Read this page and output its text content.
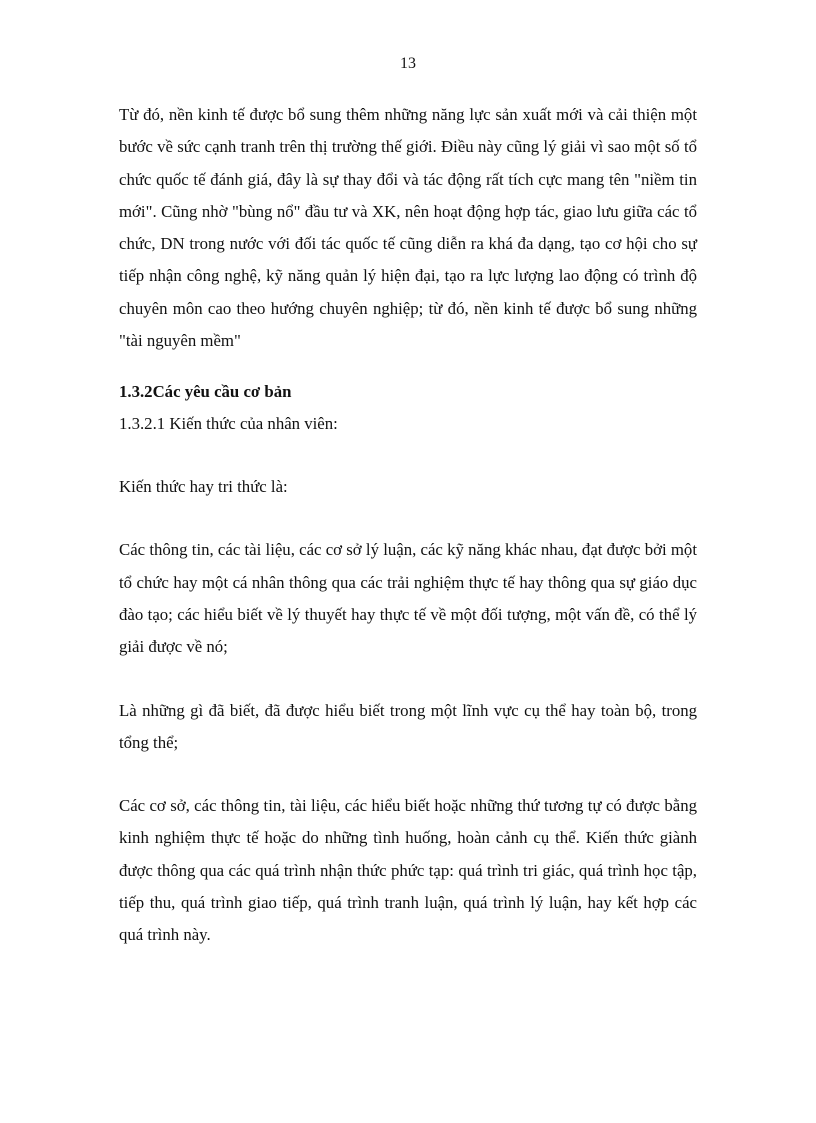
13

Từ đó, nền kinh tế được bổ sung thêm những năng lực sản xuất mới và cải thiện một bước về sức cạnh tranh trên thị trường thế giới. Điều này cũng lý giải vì sao một số tổ chức quốc tế đánh giá, đây là sự thay đổi và tác động rất tích cực mang tên "niềm tin mới". Cũng nhờ "bùng nổ" đầu tư và XK, nên hoạt động hợp tác, giao lưu giữa các tổ chức, DN trong nước với đối tác quốc tế cũng diễn ra khá đa dạng, tạo cơ hội cho sự tiếp nhận công nghệ, kỹ năng quản lý hiện đại, tạo ra lực lượng lao động có trình độ chuyên môn cao theo hướng chuyên nghiệp; từ đó, nền kinh tế được bổ sung những "tài nguyên mềm"

1.3.2Các yêu cầu cơ bản
1.3.2.1 Kiến thức của nhân viên:
Kiến thức hay tri thức là:

Các thông tin, các tài liệu, các cơ sở lý luận, các kỹ năng khác nhau, đạt được bởi một tổ chức hay một cá nhân thông qua các trải nghiệm thực tế hay thông qua sự giáo dục đào tạo; các hiểu biết về lý thuyết hay thực tế về một đối tượng, một vấn đề, có thể lý giải được về nó;

Là những gì đã biết, đã được hiểu biết trong một lĩnh vực cụ thể hay toàn bộ, trong tổng thể;

Các cơ sở, các thông tin, tài liệu, các hiểu biết hoặc những thứ tương tự có được bằng kinh nghiệm thực tế hoặc do những tình huống, hoàn cảnh cụ thể. Kiến thức giành được thông qua các quá trình nhận thức phức tạp: quá trình tri giác, quá trình học tập, tiếp thu, quá trình giao tiếp, quá trình tranh luận, quá trình lý luận, hay kết hợp các quá trình này.
